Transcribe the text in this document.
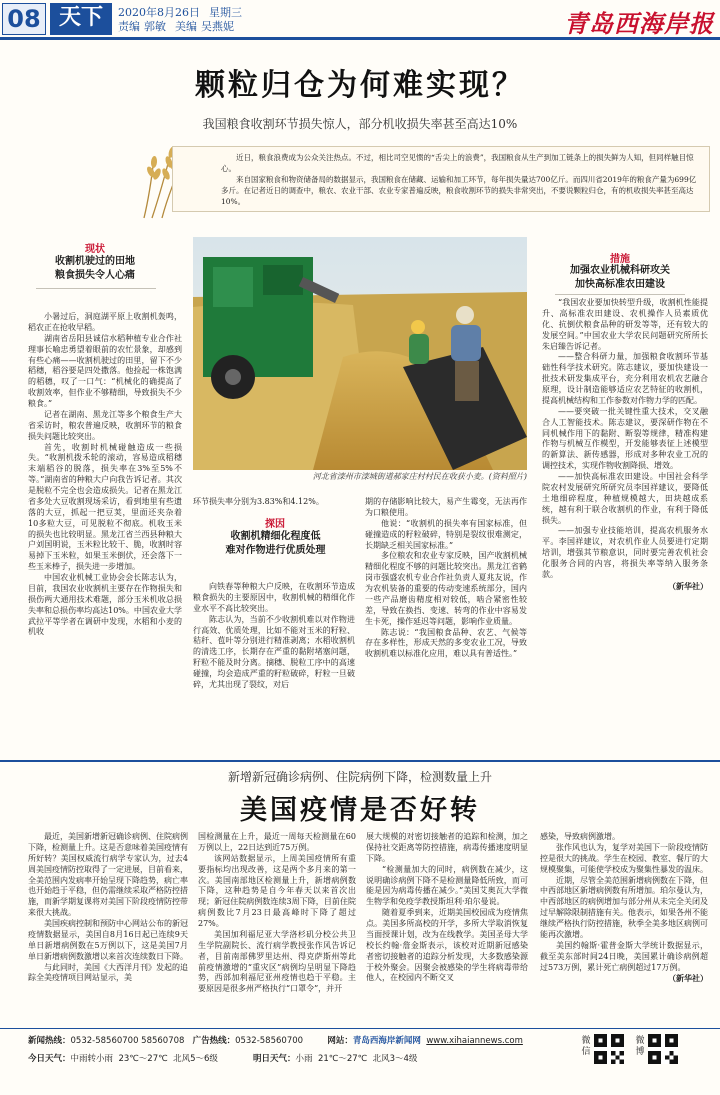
08 天下	2020年8月26日 星期三
责编 郭敏 美编 吴燕妮	青岛西海岸报
颗粒归仓为何难实现？
我国粮食收割环节损失惊人，部分机收损失率甚至高达10%

近日，粮食浪费成为公众关注热点。不过，相比司空见惯的“舌尖上的浪费”，我国粮食从生产到加工链条上的损失鲜为人知，但同样触目惊心。

来自国家粮食和物资储备局的数据显示，我国粮食在储藏、运输和加工环节，每年损失量达700亿斤。而四川省2019年的粮食产量为699亿多斤。在记者近日的调查中，粮农、农业干部、农业专家普遍反映，粮食收割环节的损失非常突出，不要说颗粒归仓，有的机收损失率甚至高达10%。

现状
收割机驶过的田地
粮食损失令人心痛

小暑过后，洞庭湖平原上收割机轰鸣，稻农正在抢收早稻。

湖南省岳阳县诚信水稻种植专业合作社理事长喻忠勇望着眼前的农忙景象，却感到有些心痛——收割机驶过的田里，留下不少稻穗，稻谷要是四处撒落。他捡起一株饱满的稻穗，叹了一口气：“机械化的确提高了收割效率，但作业不够精细，导致损失不少粮食。”

记者在湖南、黑龙江等多个粮食生产大省采访时，粮农普遍反映，收割环节的粮食损失问题比较突出。

首先，收割时机械碰触造成一些损失。“收割机拨禾轮的滚动，容易造成稻穗末端稻谷的脱落，损失率在3%至5%不等。”湖南省的种粮大户向我告诉记者。其次是脱粒不完全也会造成损失。记者在黑龙江省多处大豆收割现场采访，看到地里有些遗落的大豆，抓起一把豆荚，里面还夹杂着10多粒大豆，可见脱粒不彻底。机收玉米的损失也比较明显。黑龙江省兰西县种粮大户刘国明说，玉米粒比较干、脆，收割时容易掉下玉米粒，如果玉米倒伏，还会落下一些玉米棒子，损失进一步增加。

中国农业机械工业协会会长陈志认为，目前，我国农业收割机主要存在作物损失和损伤两大通用技术难题，部分玉米机收总损失率和总损伤率均高达10%。中国农业大学武拉平等学者在调研中发现，水稻和小麦的机收

河北省滦州市滦城街道郝家庄村村民在收获小麦。(资料照片)

环节损失率分别为3.83%和4.12%。

探因
收割机精细化程度低
难对作物进行优质处理

向铁春等种粮大户反映，在收割环节造成粮食损失的主要原因中，收割机械的精细化作业水平不高比较突出。

陈志认为，当前不少收割机难以对作物进行高效、优质处理，比如不能对玉米的籽粒、秸秆、苞叶等分别进行精准剥离；水稻收割机的清选工序，长期存在严重的黏附堵塞问题，籽粒不能及时分离。摘穗、脱粒工序中的高速碰撞，均会造成严重的籽粒破碎，籽粒一旦破碎，尤其出现了裂纹，对后

期的存储影响比较大，易产生霉变，无法再作为口粮使用。

他说：“收割机的损失率有国家标准，但碰撞造成的籽粒破碎，特别是裂纹很难测定，长期缺乏相关国家标准。”

多位粮农和农业专家反映，国产收割机械精细化程度不够的问题比较突出。黑龙江省鹤岗市强盛农机专业合作社负责人夏兆友说，作为农机装备的重要的传动变速系统部分，国内一些产品磨齿精度相对较低，啮合紧密性较差，导致在换挡、变速、转弯的作业中容易发生卡死，操作延迟等问题，影响作业质量。

陈志说：“我国粮食品种、农艺、气候等存在多样性，形成天然的多变农业工况，导致收割机难以标准化应用，难以具有普适性。”

措施
加强农业机械科研攻关
加快高标准农田建设

“我国农业要加快转型升级，收割机性能提升、高标准农田建设、农机操作人员素质优化、抗倒伏粮食品种的研发等等，还有较大的发展空间。”中国农业大学农民问题研究所所长朱启臻告诉记者。

——整合科研力量，加强粮食收割环节基础性科学技术研究。陈志建议，要加快建设一批技术研发集成平台，充分利用农机农艺融合原理，设计制造能够适应农艺特征的收割机，提高机械结构和工作参数对作物力学的匹配。

——要突破一批关键性重大技术，交叉融合人工智能技术。陈志建议，要深研作物在不同机械作用下的黏附、断裂等规律，精准构建作物与机械互作模型，开发能够表征上述模型的新算法、新传感器，形成对多种农业工况的调控技术，实现作物收割降损、增效。

——加快高标准农田建设。中国社会科学院农村发展研究所研究员李国祥建议，要降低土地细碎程度，种植规模越大，田块越成系统，越有利于联合收割机的作业，有利于降低损失。

——加强专业技能培训，提高农机服务水平。李国祥建议，对农机作业人员要进行定期培训，增强其节粮意识，同时要完善农机社会化服务合同的内容，将损失率等纳入服务条款。

（新华社）
新增新冠确诊病例、住院病例下降，检测数量上升
美国疫情是否好转

最近，美国新增新冠确诊病例、住院病例下降，检测量上升。这是否意味着美国疫情有所好转？美国权威流行病学专家认为，过去4周美国疫情防控取得了一定进展，目前看来，全美范围内发病率开始呈现下降趋势，病亡率也开始趋于平稳，但仍需继续采取严格防控措施，而新学期复课将对美国下阶段疫情防控带来很大挑战。

美国疾病控制和预防中心网站公布的新冠疫情数据显示，美国自8月16日起已连续9天单日新增病例数在5万例以下，这是美国7月单日新增病例数激增以来首次连续数日下降。

与此同时，美国《大西洋月刊》发起的追踪全美疫情项目网站显示，美

国检测量在上升，最近一周每天检测量在60万例以上，22日达到近75万例。

该网站数据显示，上周美国疫情所有重要指标均出现改善，这是两个多月来的第一次。美国南部地区检测量上升，新增病例数下降，这种趋势是自今年春天以来首次出现；新冠住院病例数连续3周下降，目前住院病例数比7月23日最高峰时下降了超过27%。

美国加利福尼亚大学洛杉矶分校公共卫生学院副院长、流行病学教授张作风告诉记者，目前南部佛罗里达州、得克萨斯州等此前疫情激增的“重灾区”病例均呈明显下降趋势，西部加利福尼亚州疫情也趋于平稳。主要原因是很多州严格执行“口罩令”，并开

展大规模的对密切接触者的追踪和检测，加之保持社交距离等防控措施，病毒传播速度明显下降。

“检测量加大的同时，病例数在减少，这说明确诊病例下降不是检测量降低所致，而可能是因为病毒传播在减少。”美国艾奥瓦大学微生物学和免疫学教授斯坦利·珀尔曼说。

随着夏季到来，近期美国校园成为疫情焦点。美国多所高校的开学，多所大学取消恢复当面授课计划，改为在线教学。美国圣母大学校长约翰·詹金斯表示，该校对近期新冠感染者密切接触者的追踪分析发现，大多数感染源于校外聚会。因聚会被感染的学生将病毒带给他人，在校园内不断交叉

感染，导致病例激增。

张作风也认为，复学对美国下一阶段疫情防控是很大的挑战。学生在校园、教室、餐厅的大规模聚集，可能使学校成为聚集性暴发的温床。

近期，尽管全美范围新增病例数在下降，但中西部地区新增病例数有所增加。珀尔曼认为，中西部地区的病例增加与部分州从未完全关闭及过早解除限制措施有关。他表示，如果各州不能继续严格执行防控措施，秋季全美多地区病例可能再次激增。

美国约翰斯·霍普金斯大学统计数据显示，截至美东部时间24日晚，美国累计确诊病例超过573万例，累计死亡病例超过17万例。

（新华社）
新闻热线：0532-58560700 58560708 广告热线：0532-58560700	网站：青岛西海岸新闻网 www.xihaiannews.com
今日天气：中雨转小雨 23℃～27℃ 北风5～6级	明日天气：小雨 21℃～27℃ 北风3～4级
微信
微博
